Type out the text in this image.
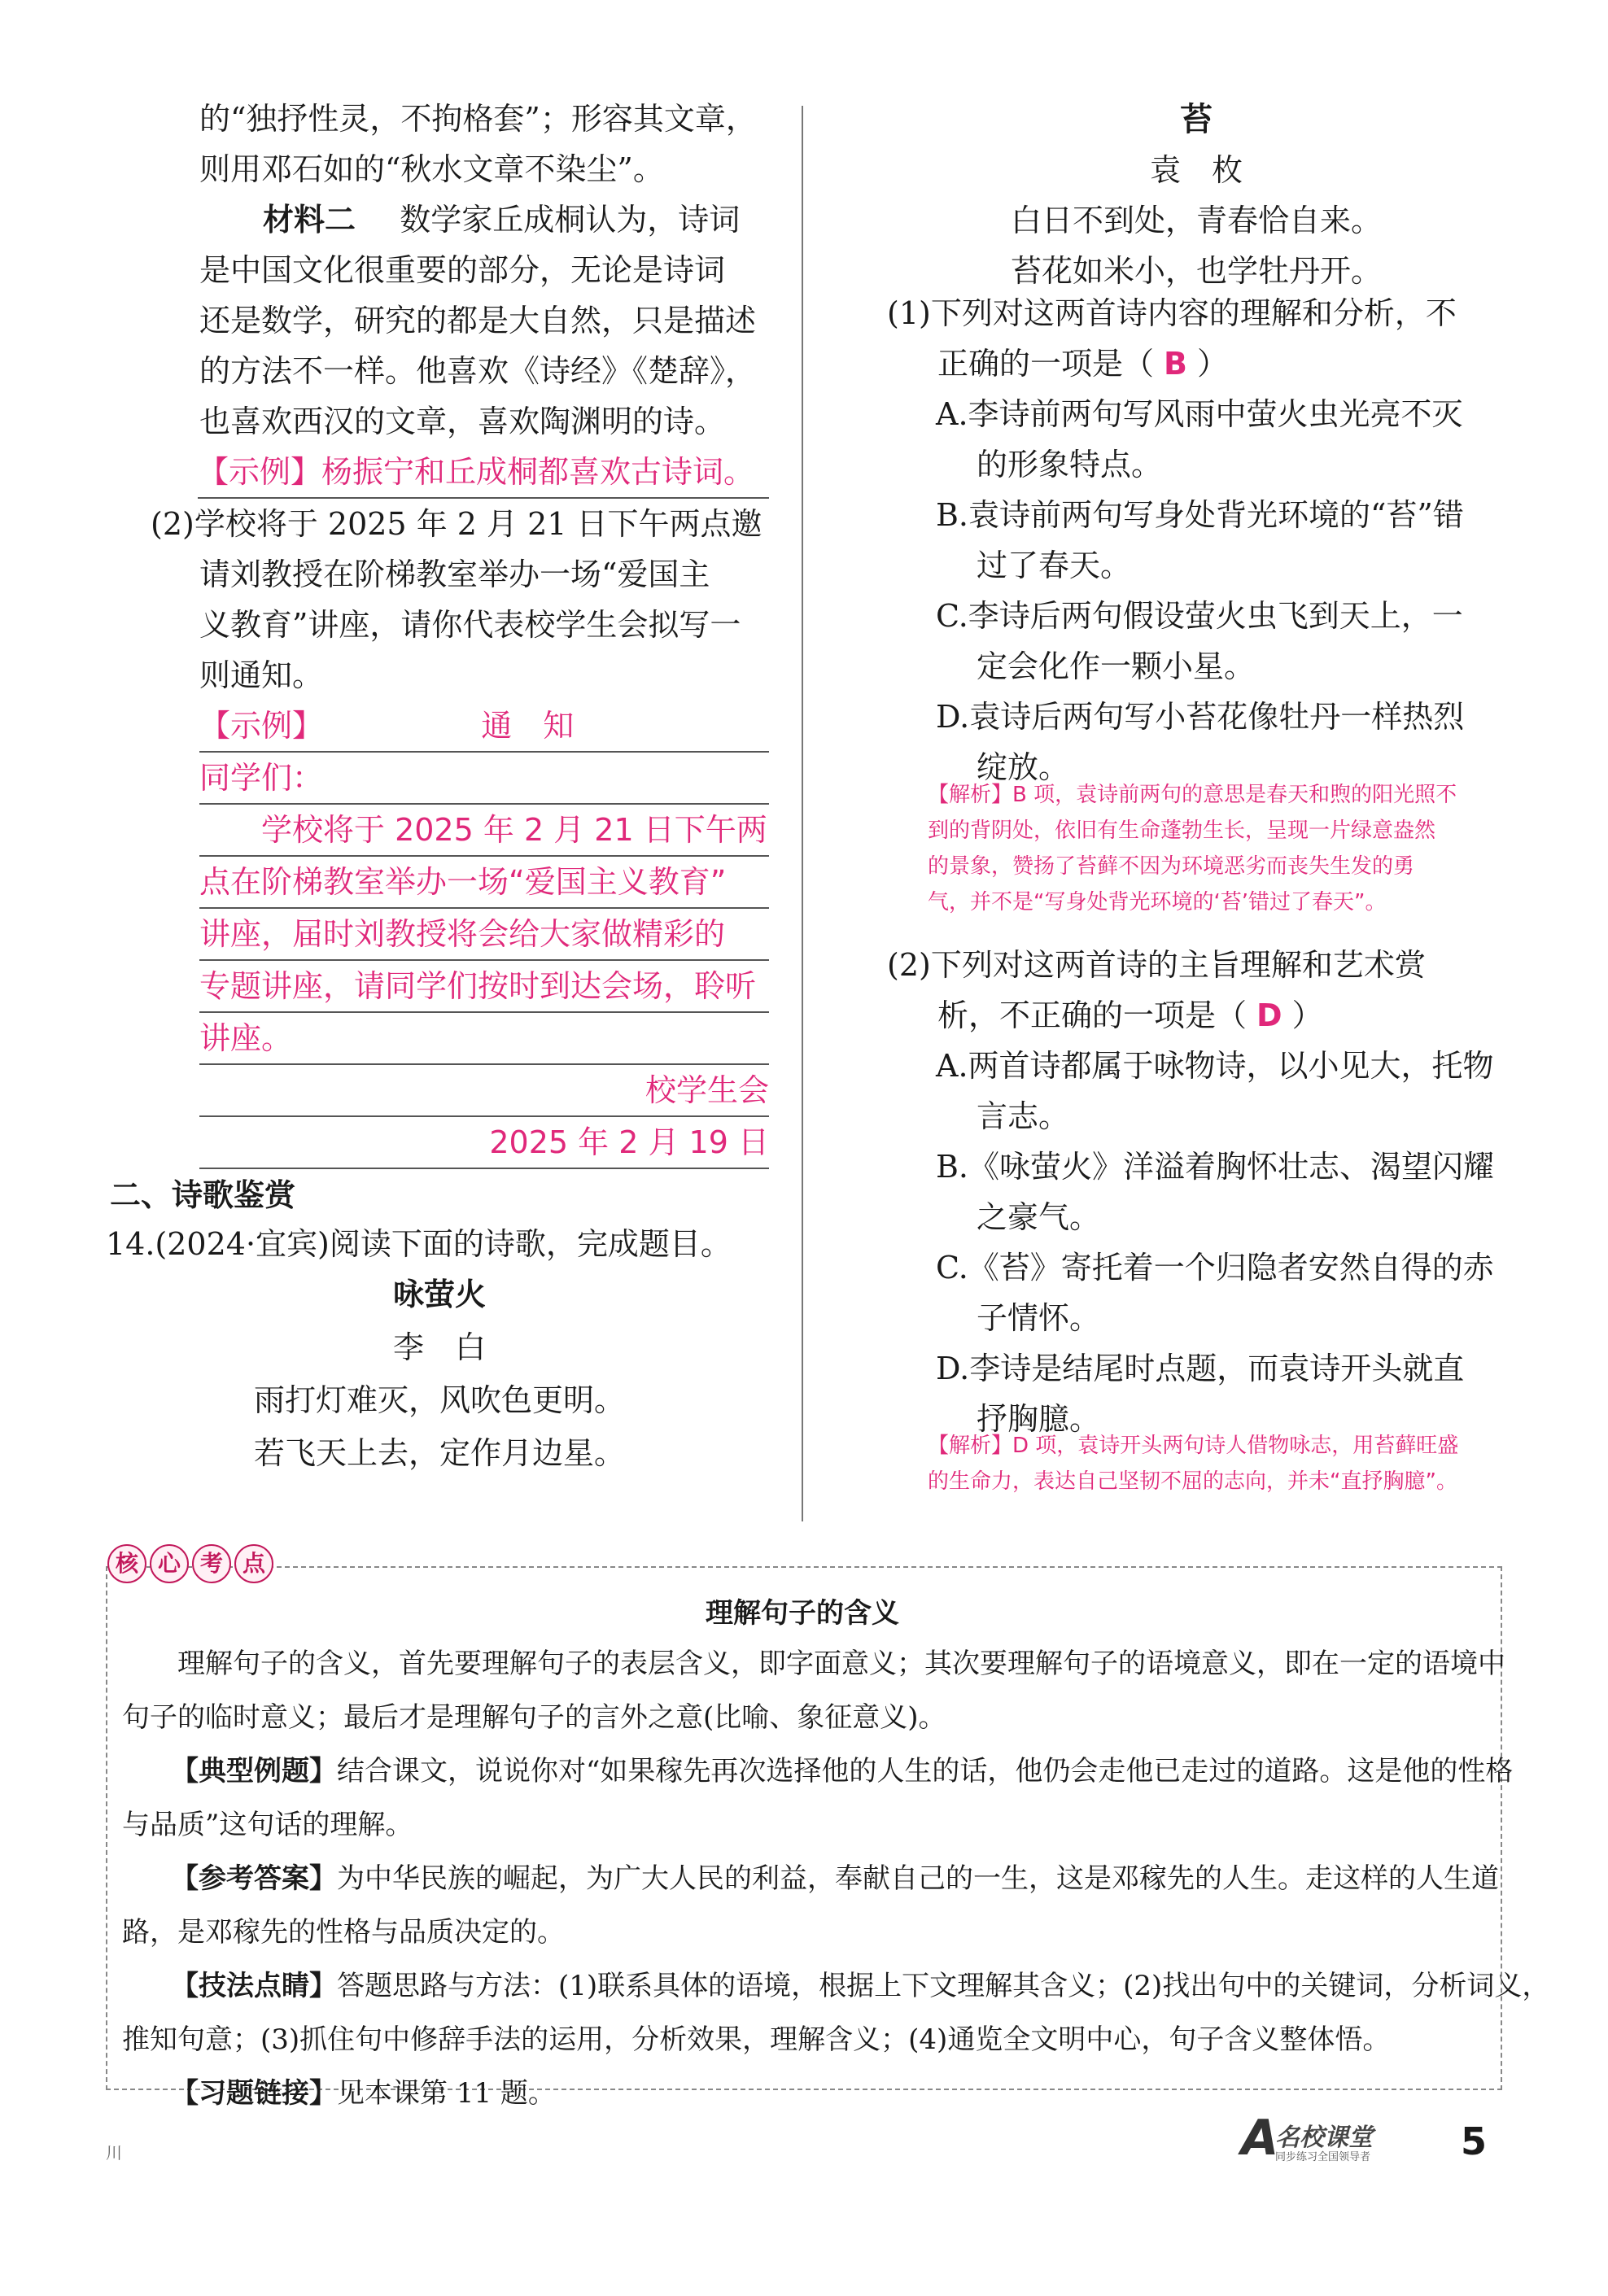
的“独抒性灵，不拘格套”；形容其文章，
则用邓石如的“秋水文章不染尘”。
材料二 数学家丘成桐认为，诗词
是中国文化很重要的部分，无论是诗词
还是数学，研究的都是大自然，只是描述
的方法不一样。他喜欢《诗经》《楚辞》，
也喜欢西汉的文章，喜欢陶渊明的诗。
【示例】杨振宁和丘成桐都喜欢古诗词。
(2)学校将于 2025 年 2 月 21 日下午两点邀
请刘教授在阶梯教室举办一场“爱国主
义教育”讲座，请你代表校学生会拟写一
则通知。
【示例】	通　知
同学们：
　　学校将于 2025 年 2 月 21 日下午两
点在阶梯教室举办一场“爱国主义教育”
讲座，届时刘教授将会给大家做精彩的
专题讲座，请同学们按时到达会场，聆听
讲座。
校学生会
2025 年 2 月 19 日
二、诗歌鉴赏
14.(2024·宜宾)阅读下面的诗歌，完成题目。
咏萤火
李　白
雨打灯难灭，风吹色更明。
若飞天上去，定作月边星。
苔
袁　枚
白日不到处，青春恰自来。
苔花如米小，也学牡丹开。
(1)下列对这两首诗内容的理解和分析，不
正确的一项是（ B ）
A.李诗前两句写风雨中萤火虫光亮不灭
的形象特点。
B.袁诗前两句写身处背光环境的“苔”错
过了春天。
C.李诗后两句假设萤火虫飞到天上，一
定会化作一颗小星。
D.袁诗后两句写小苔花像牡丹一样热烈
绽放。
【解析】B 项，袁诗前两句的意思是春天和煦的阳光照不
到的背阴处，依旧有生命蓬勃生长，呈现一片绿意盎然
的景象，赞扬了苔藓不因为环境恶劣而丧失生发的勇
气，并不是“写身处背光环境的‘苔’错过了春天”。
(2)下列对这两首诗的主旨理解和艺术赏
析，不正确的一项是（ D ）
A.两首诗都属于咏物诗，以小见大，托物
言志。
B.《咏萤火》洋溢着胸怀壮志、渴望闪耀
之豪气。
C.《苔》寄托着一个归隐者安然自得的赤
子情怀。
D.李诗是结尾时点题，而袁诗开头就直
抒胸臆。
【解析】D 项，袁诗开头两句诗人借物咏志，用苔藓旺盛
的生命力，表达自己坚韧不屈的志向，并未“直抒胸臆”。
核 心 考 点
理解句子的含义
　　理解句子的含义，首先要理解句子的表层含义，即字面意义；其次要理解句子的语境意义，即在一定的语境中
句子的临时意义；最后才是理解句子的言外之意(比喻、象征意义)。
【典型例题】结合课文，说说你对“如果稼先再次选择他的人生的话，他仍会走他已走过的道路。这是他的性格
与品质”这句话的理解。
【参考答案】为中华民族的崛起，为广大人民的利益，奉献自己的一生，这是邓稼先的人生。走这样的人生道
路，是邓稼先的性格与品质决定的。
【技法点睛】答题思路与方法：(1)联系具体的语境，根据上下文理解其含义；(2)找出句中的关键词，分析词义，
推知句意；(3)抓住句中修辞手法的运用，分析效果，理解含义；(4)通览全文明中心，句子含义整体悟。
【习题链接】见本课第 11 题。
川	A
名校课堂
同步练习全国领导者 5
